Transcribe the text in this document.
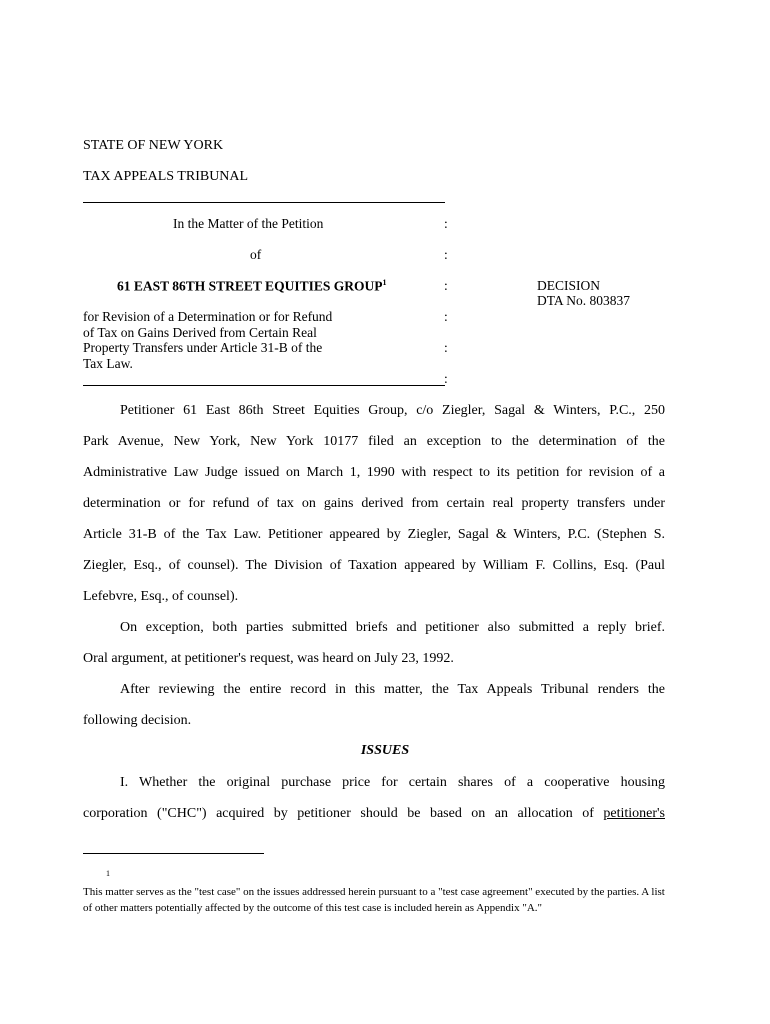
STATE OF NEW YORK
TAX APPEALS TRIBUNAL
In the Matter of the Petition
of
61 EAST 86TH STREET EQUITIES GROUP$^1$
for Revision of a Determination or for Refund
of Tax on Gains Derived from Certain Real
Property Transfers under Article 31-B of the
Tax Law.
:
:
:
:
:
:
DECISION
DTA No. 803837
Petitioner 61 East 86th Street Equities Group, c/o Ziegler, Sagal & Winters, P.C., 250
Park Avenue, New York, New York 10177 filed an exception to the determination of the
Administrative Law Judge issued on March 1, 1990 with respect to its petition for revision of a
determination or for refund of tax on gains derived from certain real property transfers under
Article 31-B of the Tax Law. Petitioner appeared by Ziegler, Sagal & Winters, P.C. (Stephen S.
Ziegler, Esq., of counsel). The Division of Taxation appeared by William F. Collins, Esq. (Paul
Lefebvre, Esq., of counsel).
On exception, both parties submitted briefs and petitioner also submitted a reply brief.
Oral argument, at petitioner's request, was heard on July 23, 1992.
After reviewing the entire record in this matter, the Tax Appeals Tribunal renders the
following decision.
ISSUES
I. Whether the original purchase price for certain shares of a cooperative housing
corporation ("CHC") acquired by petitioner should be based on an allocation of petitioner's
1
This matter serves as the "test case" on the issues addressed herein pursuant to a "test case agreement" executed by the parties. A list of other matters potentially affected by the outcome of this test case is included herein as Appendix "A."
